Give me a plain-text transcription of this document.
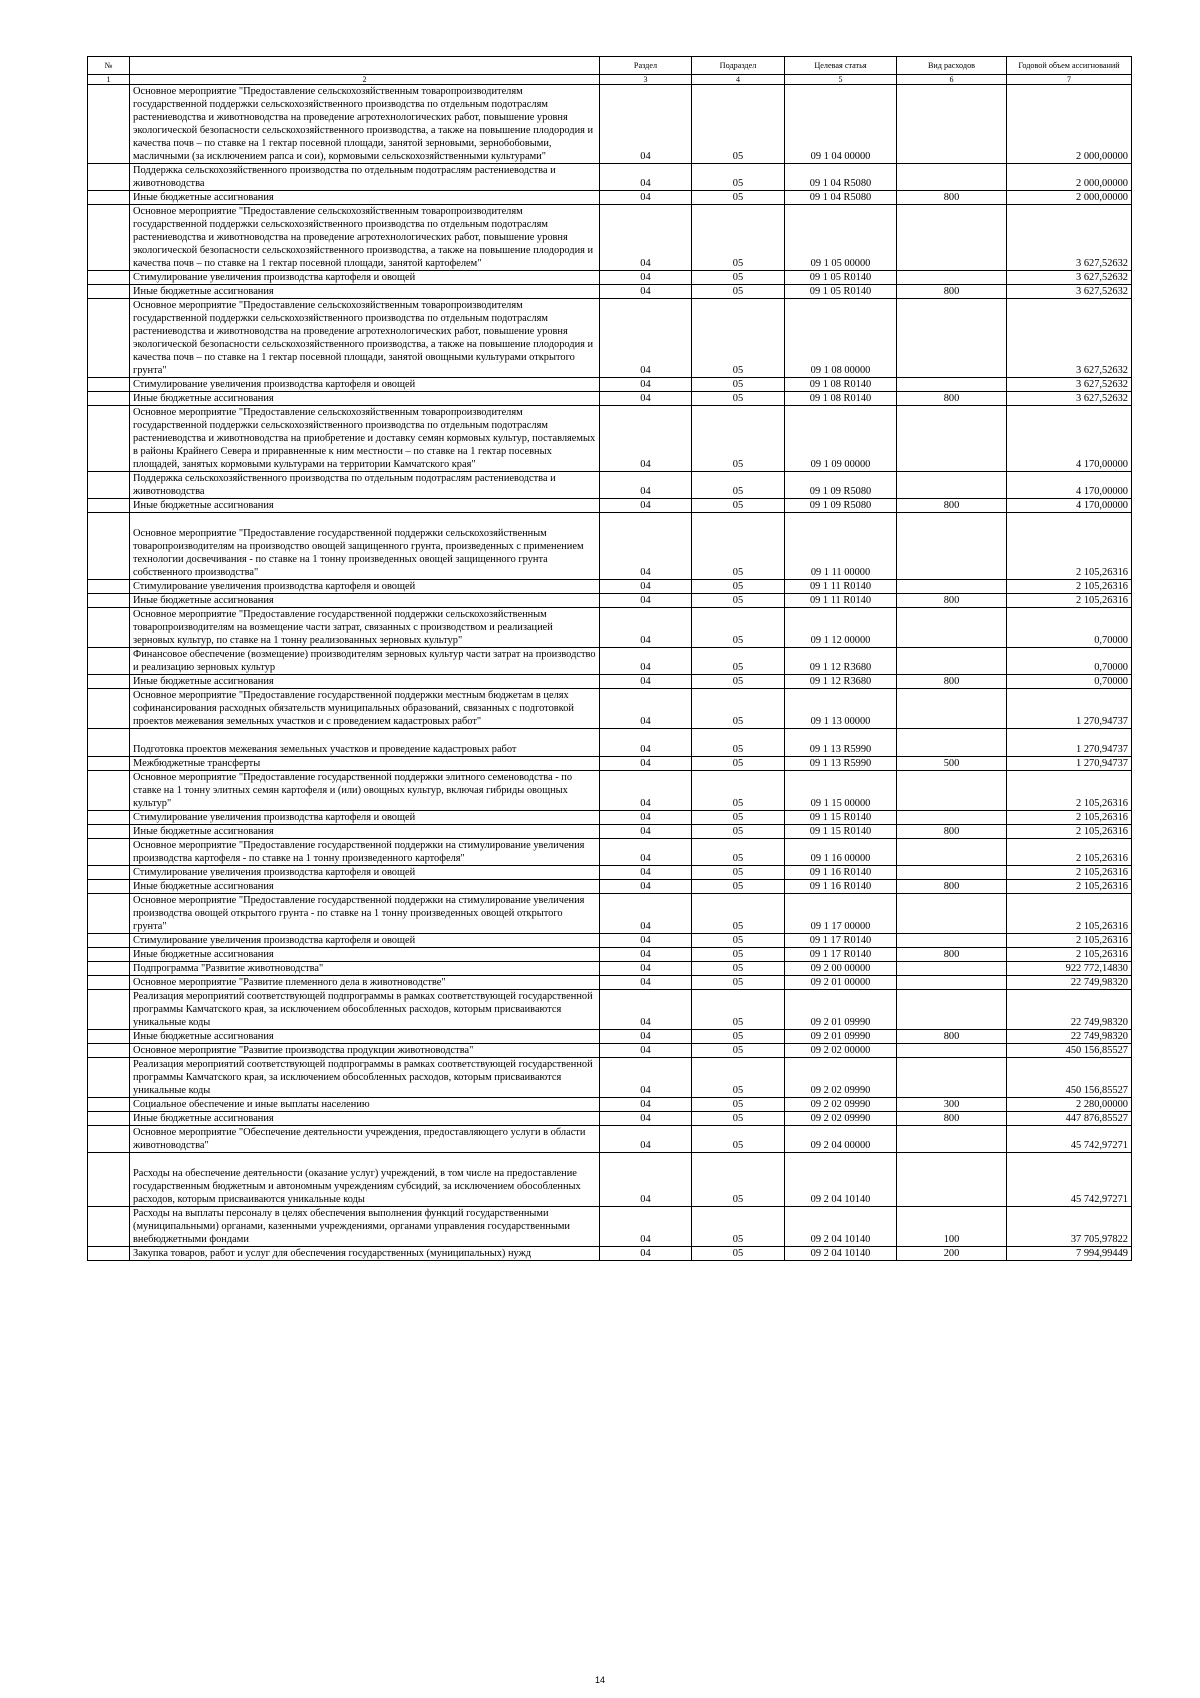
№		Раздел	Подраздел	Целевая статья	Вид расходов	Годовой объем ассигнований
1	2	3	4	5	6	7
	Основное мероприятие "Предоставление сельскохозяйственным товаропроизводителям государственной поддержки сельскохозяйственного производства по отдельным подотраслям растениеводства и животноводства на проведение агротехнологических работ, повышение уровня экологической безопасности сельскохозяйственного производства, а также на повышение плодородия и качества почв – по ставке на 1 гектар посевной площади, занятой зерновыми, зернобобовыми, масличными (за исключением рапса и сои), кормовыми сельскохозяйственными культурами"	04	05	09 1 04 00000		2 000,00000
	Поддержка сельскохозяйственного производства по отдельным подотраслям растениеводства и животноводства	04	05	09 1 04 R5080		2 000,00000
	Иные бюджетные ассигнования	04	05	09 1 04 R5080	800	2 000,00000
	Основное мероприятие "Предоставление сельскохозяйственным товаропроизводителям государственной поддержки сельскохозяйственного производства по отдельным подотраслям растениеводства и животноводства на проведение агротехнологических работ, повышение уровня экологической безопасности сельскохозяйственного производства, а также на повышение плодородия и качества почв – по ставке на 1 гектар посевной площади, занятой картофелем"	04	05	09 1 05 00000		3 627,52632
	Стимулирование увеличения производства картофеля и овощей	04	05	09 1 05 R0140		3 627,52632
	Иные бюджетные ассигнования	04	05	09 1 05 R0140	800	3 627,52632
	Основное мероприятие "Предоставление сельскохозяйственным товаропроизводителям государственной поддержки сельскохозяйственного производства по отдельным подотраслям растениеводства и животноводства на проведение агротехнологических работ, повышение уровня экологической безопасности сельскохозяйственного производства, а также на повышение плодородия и качества почв – по ставке на 1 гектар посевной площади, занятой овощными культурами открытого грунта"	04	05	09 1 08 00000		3 627,52632
	Стимулирование увеличения производства картофеля и овощей	04	05	09 1 08 R0140		3 627,52632
	Иные бюджетные ассигнования	04	05	09 1 08 R0140	800	3 627,52632
	Основное мероприятие "Предоставление сельскохозяйственным товаропроизводителям государственной поддержки сельскохозяйственного производства по отдельным подотраслям растениеводства и животноводства на приобретение и доставку семян кормовых культур, поставляемых в районы Крайнего Севера и приравненные к ним местности – по ставке на 1 гектар посевных площадей, занятых кормовыми культурами на территории Камчатского края"	04	05	09 1 09 00000		4 170,00000
	Поддержка сельскохозяйственного производства по отдельным подотраслям растениеводства и животноводства	04	05	09 1 09 R5080		4 170,00000
	Иные бюджетные ассигнования	04	05	09 1 09 R5080	800	4 170,00000
	Основное мероприятие "Предоставление государственной поддержки сельскохозяйственным товаропроизводителям на производство овощей защищенного грунта, произведенных с применением технологии досвечивания - по ставке на 1 тонну произведенных овощей защищенного грунта собственного производства"	04	05	09 1 11 00000		2 105,26316
	Стимулирование увеличения производства картофеля и овощей	04	05	09 1 11 R0140		2 105,26316
	Иные бюджетные ассигнования	04	05	09 1 11 R0140	800	2 105,26316
	Основное мероприятие "Предоставление государственной поддержки сельскохозяйственным товаропроизводителям на возмещение части затрат, связанных с производством и реализацией зерновых культур, по ставке на 1 тонну реализованных зерновых культур"	04	05	09 1 12 00000		0,70000
	Финансовое обеспечение (возмещение) производителям зерновых культур части затрат на производство и реализацию зерновых культур	04	05	09 1 12 R3680		0,70000
	Иные бюджетные ассигнования	04	05	09 1 12 R3680	800	0,70000
	Основное мероприятие "Предоставление государственной поддержки местным бюджетам в целях софинансирования расходных обязательств муниципальных образований, связанных с подготовкой проектов межевания земельных участков и с проведением кадастровых работ"	04	05	09 1 13 00000		1 270,94737
	Подготовка проектов межевания земельных участков и проведение кадастровых работ	04	05	09 1 13 R5990		1 270,94737
	Межбюджетные трансферты	04	05	09 1 13 R5990	500	1 270,94737
	Основное мероприятие "Предоставление государственной поддержки элитного семеноводства - по ставке на 1 тонну элитных семян картофеля и (или) овощных культур, включая гибриды овощных культур"	04	05	09 1 15 00000		2 105,26316
	Стимулирование увеличения производства картофеля и овощей	04	05	09 1 15 R0140		2 105,26316
	Иные бюджетные ассигнования	04	05	09 1 15 R0140	800	2 105,26316
	Основное мероприятие "Предоставление государственной поддержки на стимулирование увеличения производства картофеля - по ставке на 1 тонну произведенного картофеля"	04	05	09 1 16 00000		2 105,26316
	Стимулирование увеличения производства картофеля и овощей	04	05	09 1 16 R0140		2 105,26316
	Иные бюджетные ассигнования	04	05	09 1 16 R0140	800	2 105,26316
	Основное мероприятие "Предоставление государственной поддержки на стимулирование увеличения производства овощей открытого грунта - по ставке на 1 тонну произведенных овощей открытого грунта"	04	05	09 1 17 00000		2 105,26316
	Стимулирование увеличения производства картофеля и овощей	04	05	09 1 17 R0140		2 105,26316
	Иные бюджетные ассигнования	04	05	09 1 17 R0140	800	2 105,26316
	Подпрограмма "Развитие животноводства"	04	05	09 2 00 00000		922 772,14830
	Основное мероприятие "Развитие племенного дела в животноводстве"	04	05	09 2 01 00000		22 749,98320
	Реализация мероприятий соответствующей подпрограммы в рамках соответствующей государственной программы Камчатского края, за исключением обособленных расходов, которым присваиваются уникальные коды	04	05	09 2 01 09990		22 749,98320
	Иные бюджетные ассигнования	04	05	09 2 01 09990	800	22 749,98320
	Основное мероприятие "Развитие производства продукции животноводства"	04	05	09 2 02 00000		450 156,85527
	Реализация мероприятий соответствующей подпрограммы в рамках соответствующей государственной программы Камчатского края, за исключением обособленных расходов, которым присваиваются уникальные коды	04	05	09 2 02 09990		450 156,85527
	Социальное обеспечение и иные выплаты населению	04	05	09 2 02 09990	300	2 280,00000
	Иные бюджетные ассигнования	04	05	09 2 02 09990	800	447 876,85527
	Основное мероприятие "Обеспечение деятельности учреждения, предоставляющего услуги в области животноводства"	04	05	09 2 04 00000		45 742,97271
	Расходы на обеспечение деятельности (оказание услуг) учреждений, в том числе на предоставление государственным бюджетным и автономным учреждениям субсидий, за исключением обособленных расходов, которым присваиваются уникальные коды	04	05	09 2 04 10140		45 742,97271
	Расходы на выплаты персоналу в целях обеспечения выполнения функций государственными (муниципальными) органами, казенными учреждениями, органами управления государственными внебюджетными фондами	04	05	09 2 04 10140	100	37 705,97822
	Закупка товаров, работ и услуг для обеспечения государственных (муниципальных) нужд	04	05	09 2 04 10140	200	7 994,99449
14
